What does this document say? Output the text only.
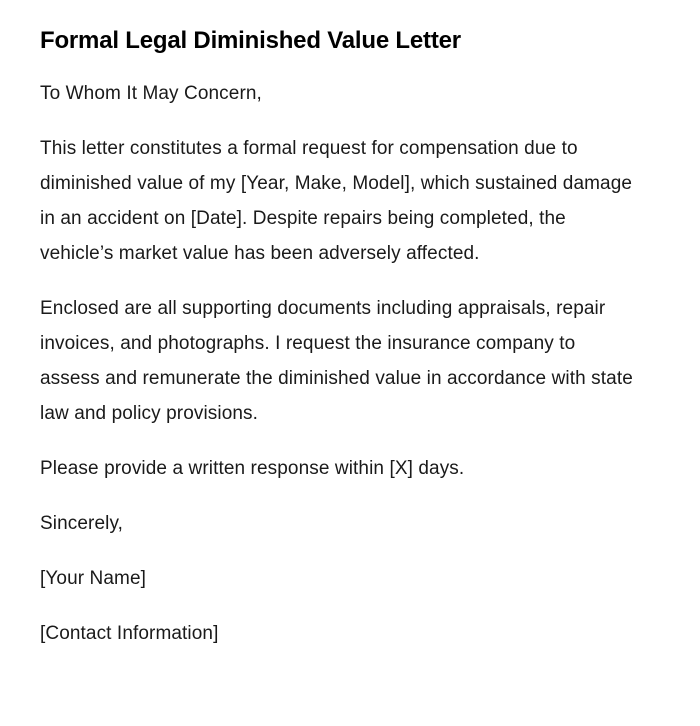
Formal Legal Diminished Value Letter

To Whom It May Concern,

This letter constitutes a formal request for compensation due to diminished value of my [Year, Make, Model], which sustained damage in an accident on [Date]. Despite repairs being completed, the vehicle’s market value has been adversely affected.

Enclosed are all supporting documents including appraisals, repair invoices, and photographs. I request the insurance company to assess and remunerate the diminished value in accordance with state law and policy provisions.

Please provide a written response within [X] days.

Sincerely,

[Your Name]

[Contact Information]
